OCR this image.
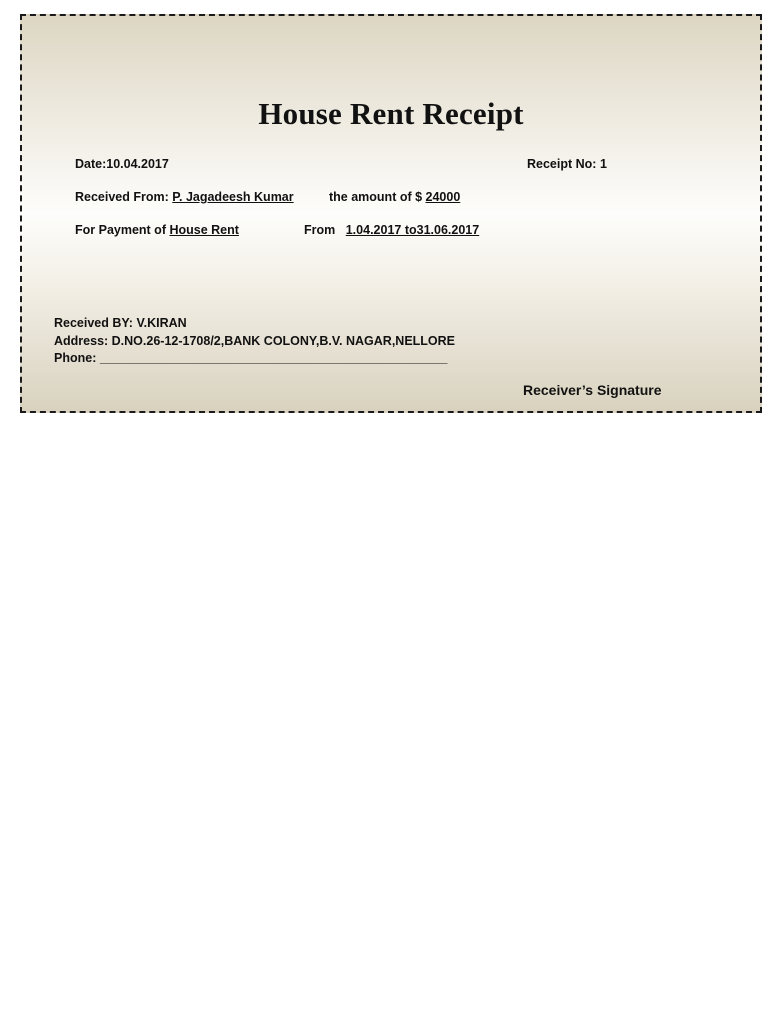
House Rent Receipt
Date:10.04.2017	Receipt No: 1
Received From: P. Jagadeesh Kumar	the amount of $ 24000
For Payment of House Rent	From 1.04.2017 to31.06.2017
Received BY: V.KIRAN
Address: D.NO.26-12-1708/2,BANK COLONY,B.V. NAGAR,NELLORE
Phone: __________________________________________________
Receiver’s Signature
